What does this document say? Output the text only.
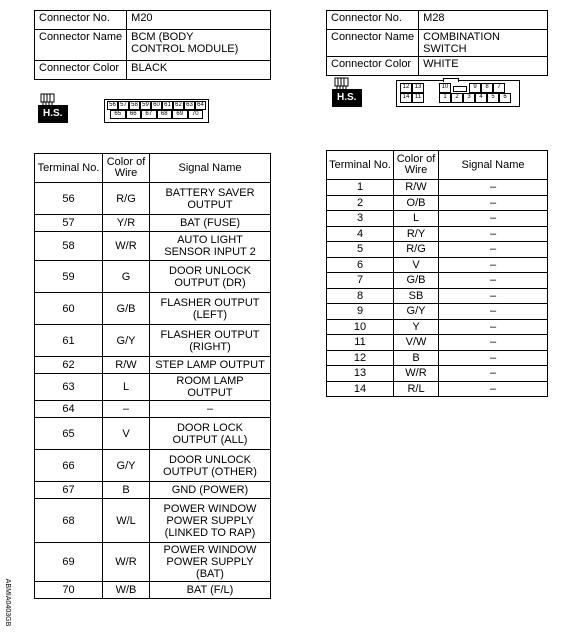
Connector No.	M20
Connector Name	BCM (BODY CONTROL MODULE)
Connector Color	BLACK
H.S.
56 57 58 59 60 61 62 63 64
65	66	67	68	69	70
Connector No.	M28
Connector Name	COMBINATION SWITCH
Connector Color	WHITE
H.S.
12 13	10	9	8	7
14 11	1	2	3	4	5	6
Terminal No.	Color of Wire	Signal Name
56	R/G	BATTERY SAVER OUTPUT
57	Y/R	BAT (FUSE)
58	W/R	AUTO LIGHT SENSOR INPUT 2
59	G	DOOR UNLOCK OUTPUT (DR)
60	G/B	FLASHER OUTPUT (LEFT)
61	G/Y	FLASHER OUTPUT (RIGHT)
62	R/W	STEP LAMP OUTPUT
63	L	ROOM LAMP OUTPUT
64	–	–
65	V	DOOR LOCK OUTPUT (ALL)
66	G/Y	DOOR UNLOCK OUTPUT (OTHER)
67	B	GND (POWER)
68	W/L	POWER WINDOW POWER SUPPLY (LINKED TO RAP)
69	W/R	POWER WINDOW POWER SUPPLY (BAT)
70	W/B	BAT (F/L)
Terminal No.	Color of Wire	Signal Name
1	R/W	–
2	O/B	–
3	L	–
4	R/Y	–
5	R/G	–
6	V	–
7	G/B	–
8	SB	–
9	G/Y	–
10	Y	–
11	V/W	–
12	B	–
13	W/R	–
14	R/L	–
ABMIA0403GB
